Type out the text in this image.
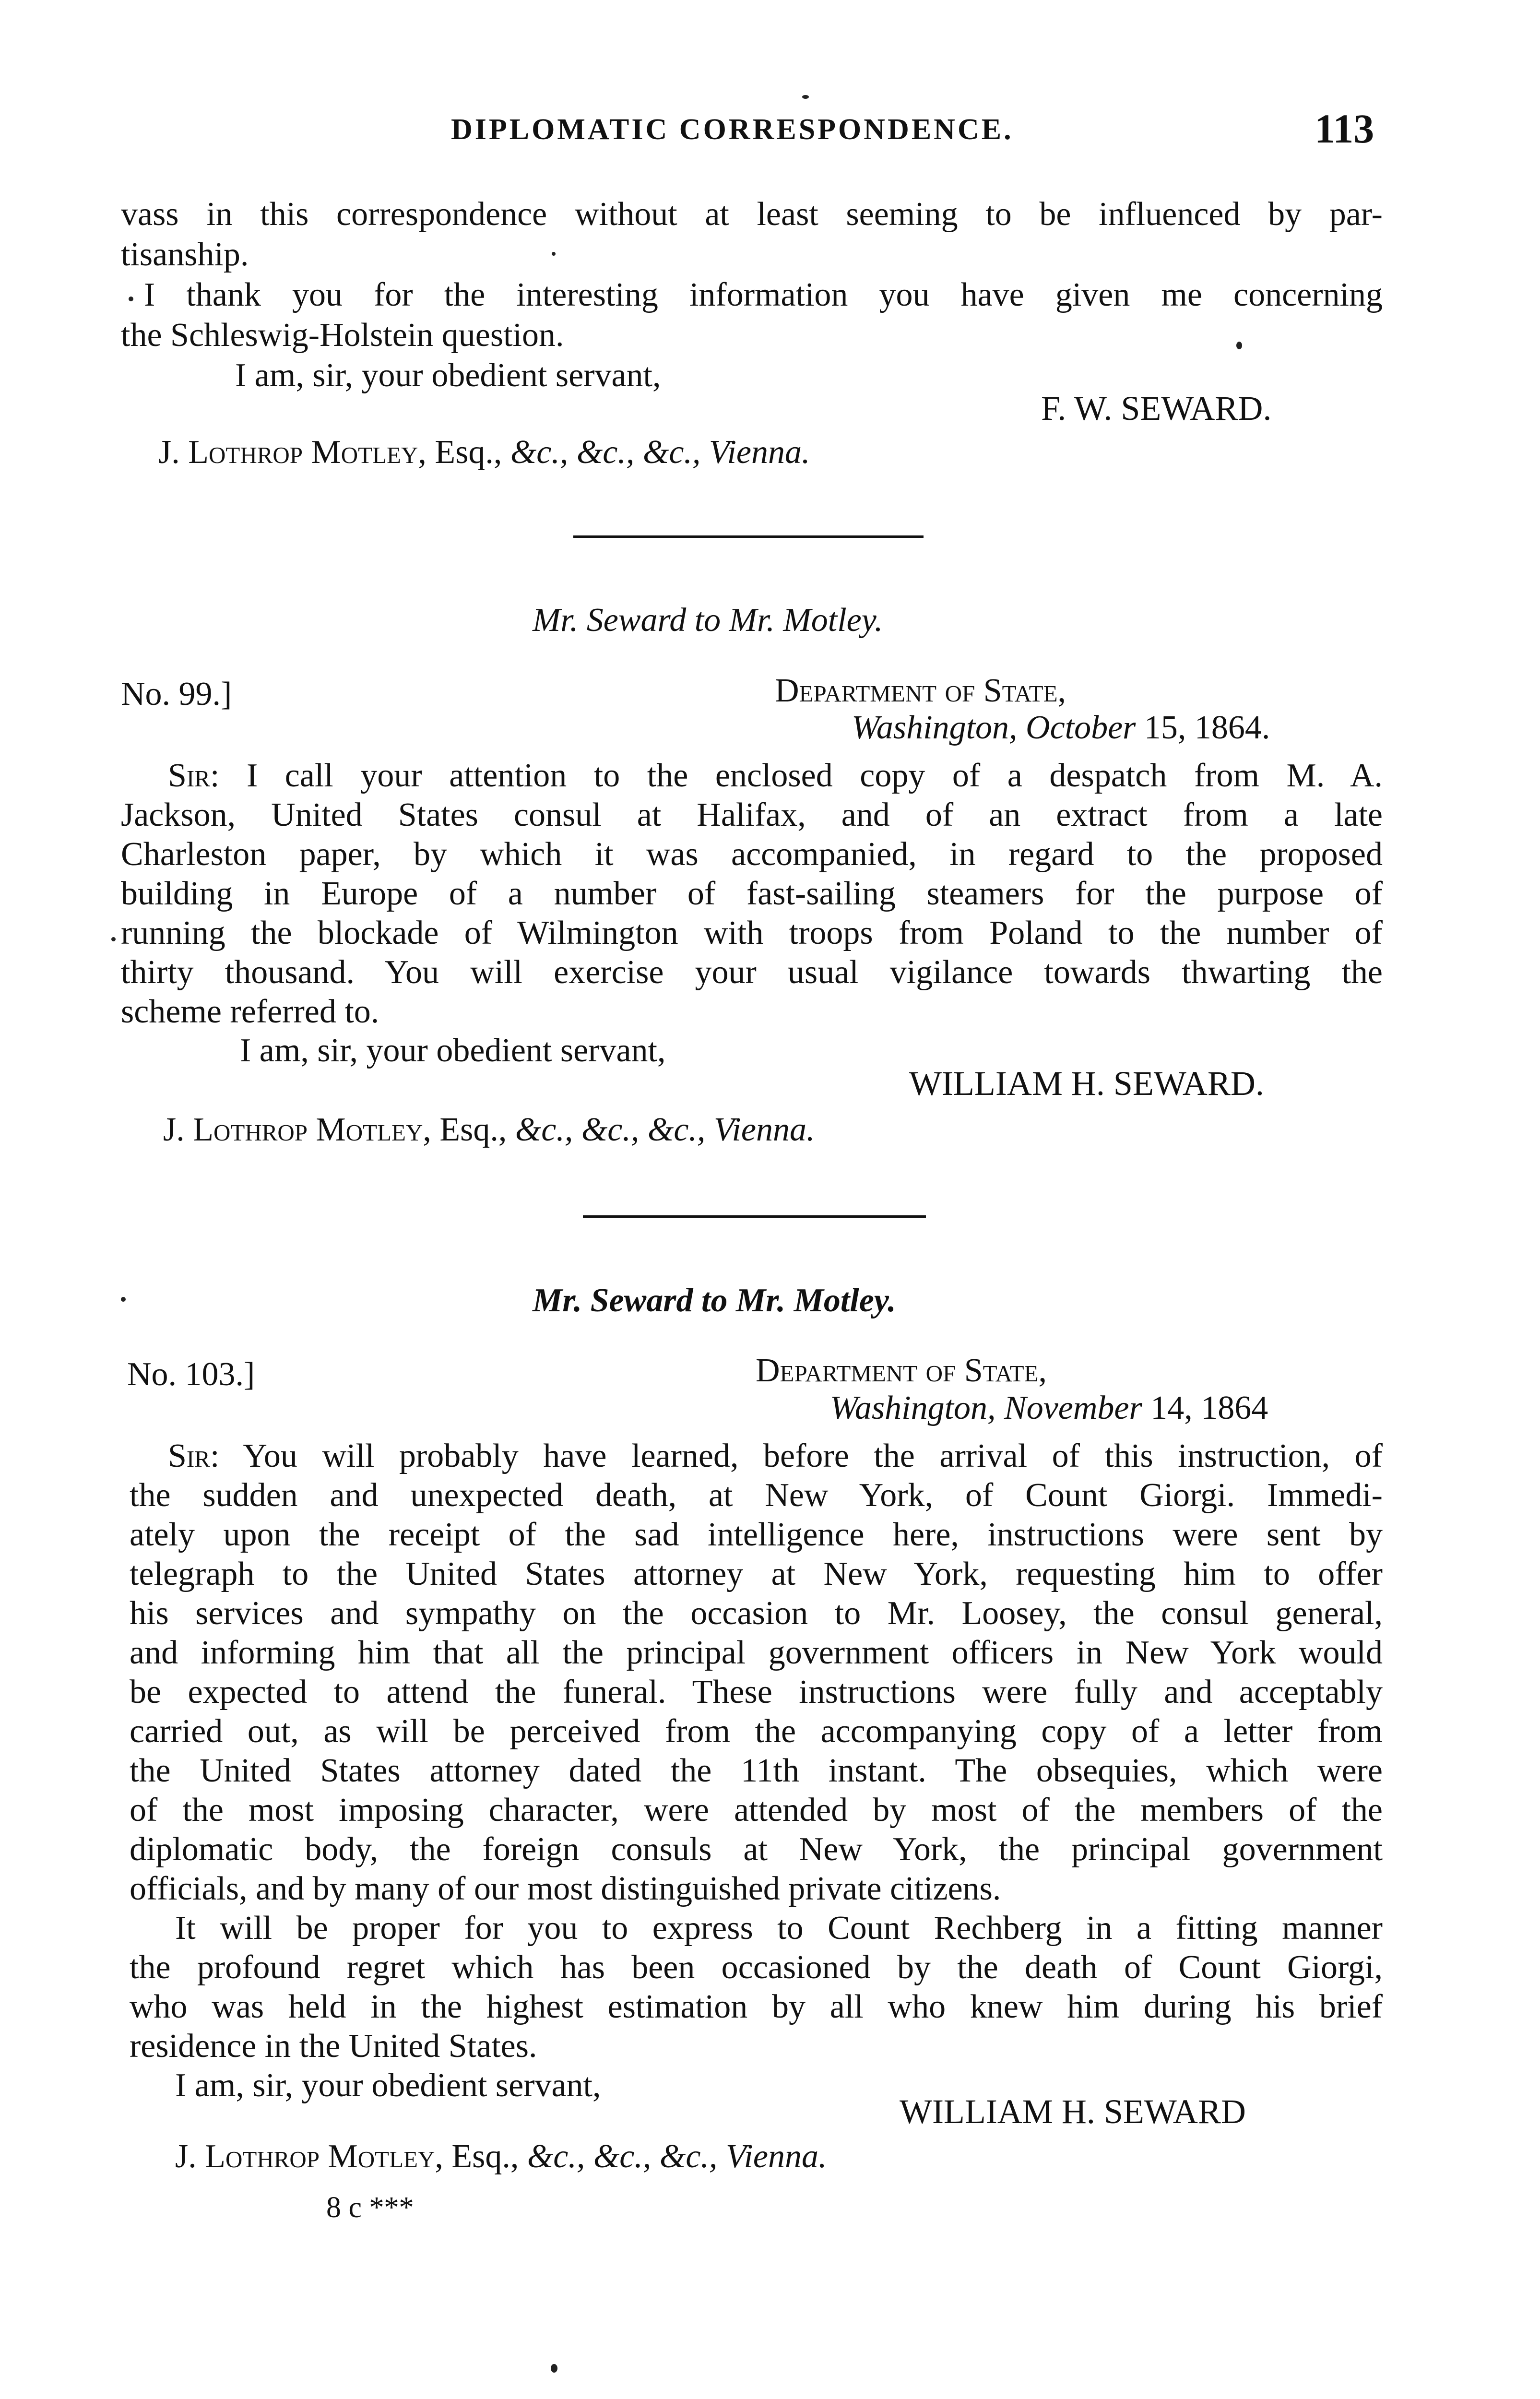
DIPLOMATIC CORRESPONDENCE.	113
vass in this correspondence without at least seeming to be influenced by par-
tisanship.
I thank you for the interesting information you have given me concerning
the Schleswig-Holstein question.
I am, sir, your obedient servant,
F. W. SEWARD.
J. Lothrop Motley, Esq., &c., &c., &c., Vienna.
Mr. Seward to Mr. Motley.
No. 99.]	Department of State,
Washington, October 15, 1864.
Sir: I call your attention to the enclosed copy of a despatch from M. A.
Jackson, United States consul at Halifax, and of an extract from a late
Charleston paper, by which it was accompanied, in regard to the proposed
building in Europe of a number of fast-sailing steamers for the purpose of
running the blockade of Wilmington with troops from Poland to the number of
thirty thousand. You will exercise your usual vigilance towards thwarting the
scheme referred to.
I am, sir, your obedient servant,
WILLIAM H. SEWARD.
J. Lothrop Motley, Esq., &c., &c., &c., Vienna.
Mr. Seward to Mr. Motley.
No. 103.]	Department of State,
Washington, November 14, 1864
Sir: You will probably have learned, before the arrival of this instruction, of
the sudden and unexpected death, at New York, of Count Giorgi. Immedi-
ately upon the receipt of the sad intelligence here, instructions were sent by
telegraph to the United States attorney at New York, requesting him to offer
his services and sympathy on the occasion to Mr. Loosey, the consul general,
and informing him that all the principal government officers in New York would
be expected to attend the funeral. These instructions were fully and acceptably
carried out, as will be perceived from the accompanying copy of a letter from
the United States attorney dated the 11th instant. The obsequies, which were
of the most imposing character, were attended by most of the members of the
diplomatic body, the foreign consuls at New York, the principal government
officials, and by many of our most distinguished private citizens.
It will be proper for you to express to Count Rechberg in a fitting manner
the profound regret which has been occasioned by the death of Count Giorgi,
who was held in the highest estimation by all who knew him during his brief
residence in the United States.
I am, sir, your obedient servant,
WILLIAM H. SEWARD
J. Lothrop Motley, Esq., &c., &c., &c., Vienna.
8 c ***
